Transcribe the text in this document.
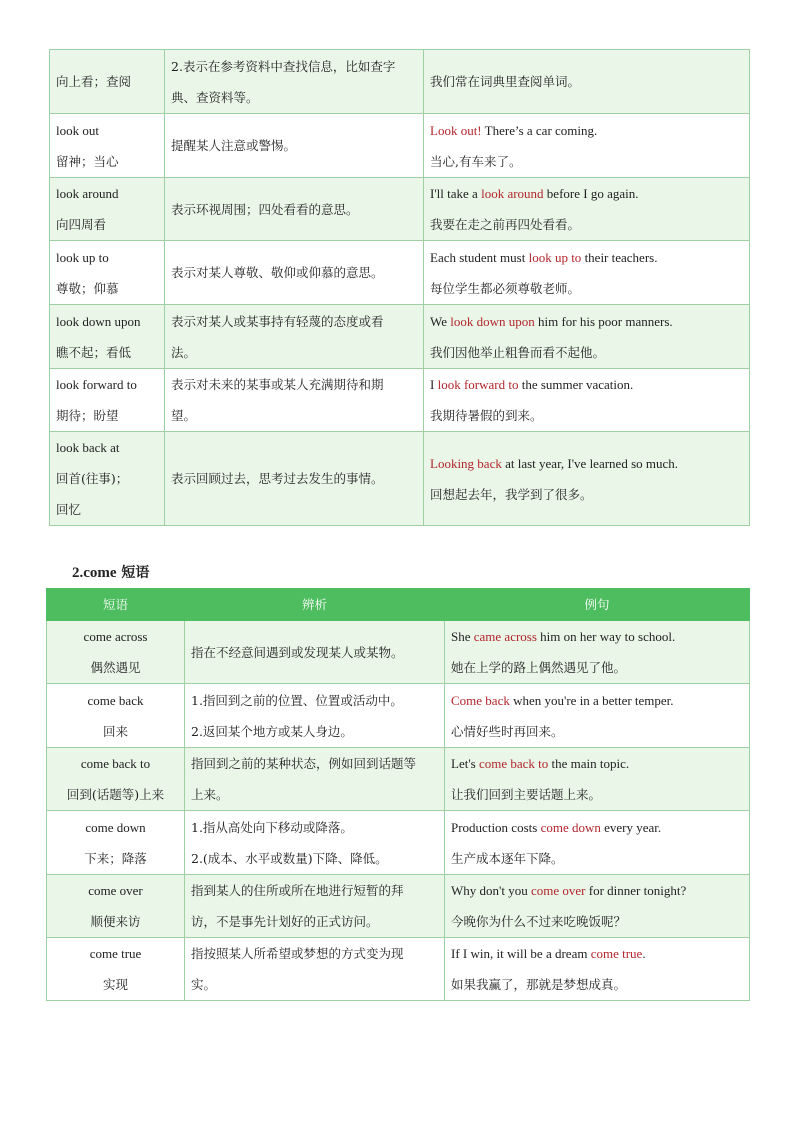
向上看；查阅	2.表示在参考资料中查找信息，比如查字
典、查资料等。	我们常在词典里查阅单词。

look out
留神；当心	提醒某人注意或警惕。	Look out! There’s a car coming.
当心,有车来了。

look around
向四周看	表示环视周围；四处看看的意思。	I'll take a look around before I go again.
我要在走之前再四处看看。

look up to
尊敬；仰慕	表示对某人尊敬、敬仰或仰慕的意思。	Each student must look up to their teachers.
每位学生都必须尊敬老师。

look down upon
瞧不起；看低	表示对某人或某事持有轻蔑的态度或看
法。	We look down upon him for his poor manners.
我们因他举止粗鲁而看不起他。

look forward to
期待；盼望	表示对未来的某事或某人充满期待和期
望。	I look forward to the summer vacation.
我期待暑假的到来。

look back at
回首(往事)；
回忆	表示回顾过去，思考过去发生的事情。	Looking back at last year, I've learned so much.
回想起去年，我学到了很多。
2.come 短语
短语	辨析	例句

come across
偶然遇见	指在不经意间遇到或发现某人或某物。	She came across him on her way to school.
她在上学的路上偶然遇见了他。

come back
回来	1.指回到之前的位置、位置或活动中。
2.返回某个地方或某人身边。	Come back when you're in a better temper.
心情好些时再回来。

come back to
回到(话题等)上来	指回到之前的某种状态，例如回到话题等
上来。	Let's come back to the main topic.
让我们回到主要话题上来。

come down
下来；降落	1.指从高处向下移动或降落。
2.(成本、水平或数量)下降、降低。	Production costs come down every year.
生产成本逐年下降。

come over
顺便来访	指到某人的住所或所在地进行短暂的拜
访，不是事先计划好的正式访问。	Why don't you come over for dinner tonight?
今晚你为什么不过来吃晚饭呢？

come true
实现	指按照某人所希望或梦想的方式变为现
实。	If I win, it will be a dream come true.
如果我赢了，那就是梦想成真。
